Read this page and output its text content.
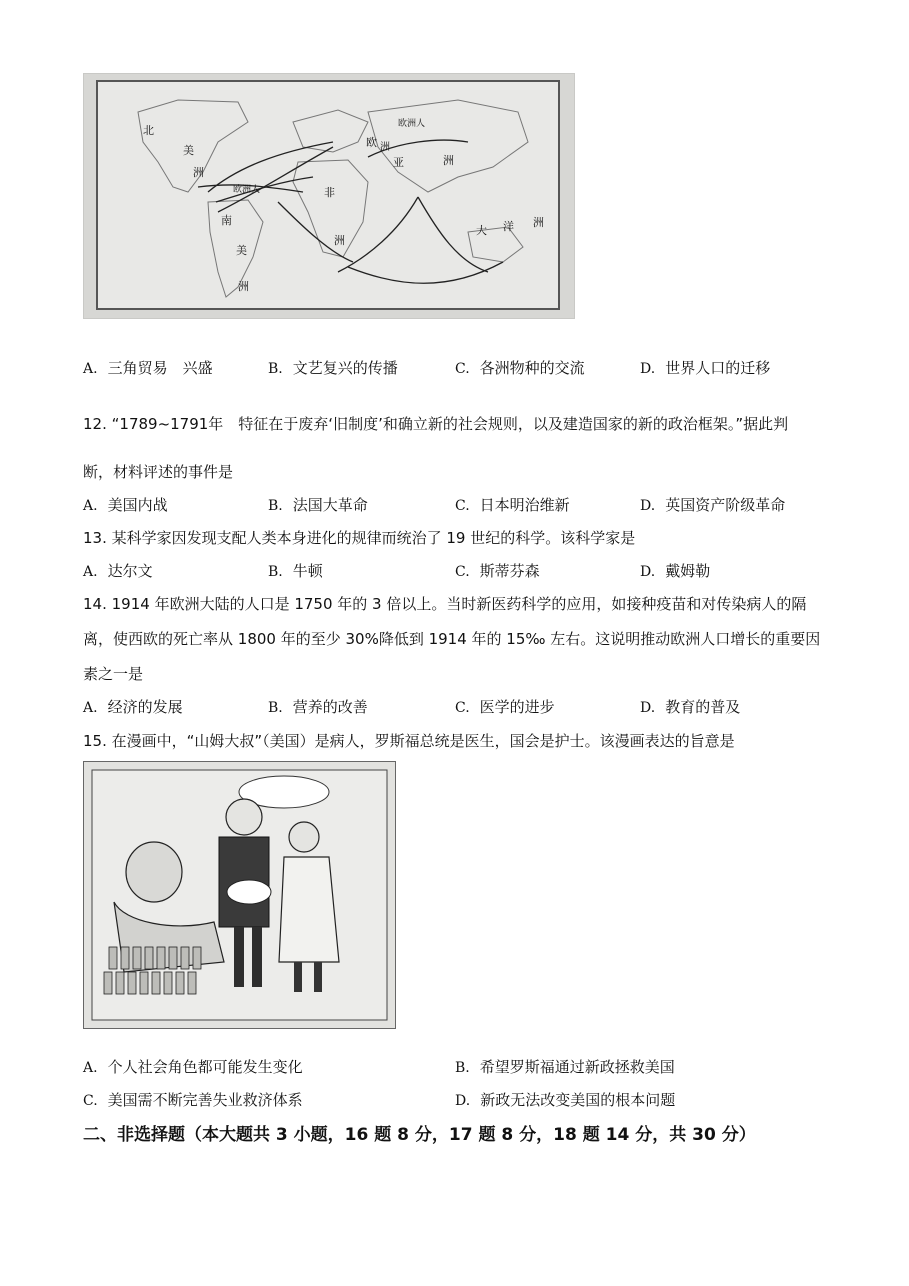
北
美
洲
欧 洲
亚	洲
非
洲
南
美
洲
大 洋 洲
欧洲人
欧洲人
A. 三角贸易　兴盛	B. 文艺复兴的传播	C. 各洲物种的交流	D. 世界人口的迁移
12. “1789~1791年　特征在于废弃‘旧制度’和确立新的社会规则，以及建造国家的新的政治框架。”据此判
断，材料评述的事件是
A. 美国内战	B. 法国大革命	C. 日本明治维新	D. 英国资产阶级革命
13. 某科学家因发现支配人类本身进化的规律而统治了 19 世纪的科学。该科学家是
A. 达尔文	B. 牛顿	C. 斯蒂芬森	D. 戴姆勒
14. 1914 年欧洲大陆的人口是 1750 年的 3 倍以上。当时新医药科学的应用，如接种疫苗和对传染病人的隔
离，使西欧的死亡率从 1800 年的至少 30%降低到 1914 年的 15‰ 左右。这说明推动欧洲人口增长的重要因
素之一是
A. 经济的发展	B. 营养的改善	C. 医学的进步	D. 教育的普及
15. 在漫画中，“山姆大叔”（美国）是病人，罗斯福总统是医生，国会是护士。该漫画表达的旨意是
A. 个人社会角色都可能发生变化	B. 希望罗斯福通过新政拯救美国
C. 美国需不断完善失业救济体系	D. 新政无法改变美国的根本问题
二、非选择题（本大题共 3 小题，16 题 8 分，17 题 8 分，18 题 14 分，共 30 分）
